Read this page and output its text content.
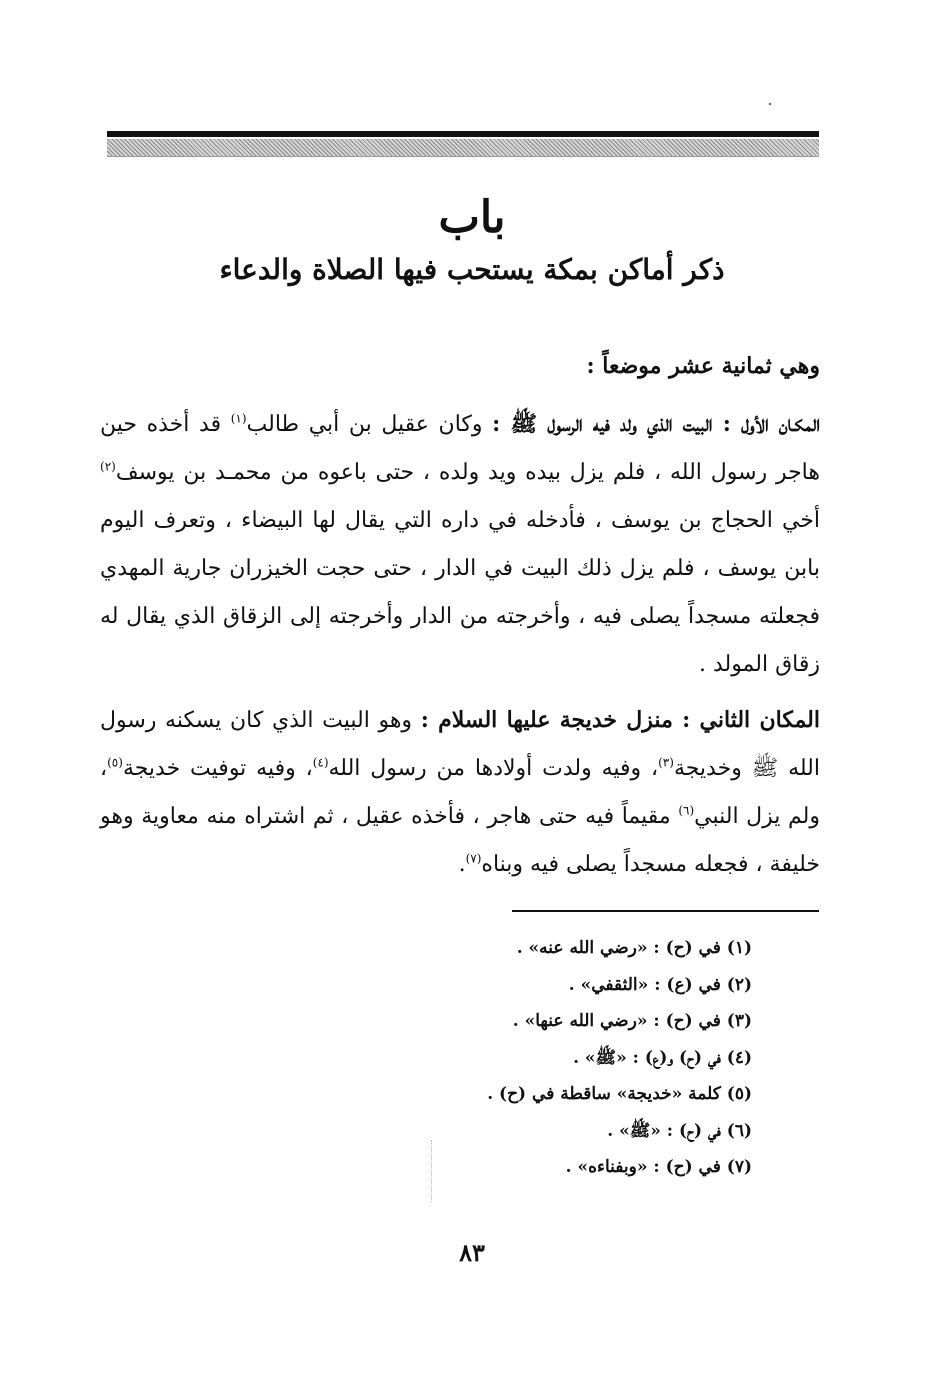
باب
ذكر أماكن بمكة يستحب فيها الصلاة والدعاء
وهي ثمانية عشر موضعاً :
المكـان الأول : البيت الذي ولد فيه الرسول ﷺ : وكان عقيل بن أبي طالب$^{(١)}$ قد أخذه حين هاجر رسول الله ، فلم يزل بيده ويد ولده ، حتى باعوه من محمـد بن يوسف$^{(٢)}$ أخي الحجاج بن يوسف ، فأدخله في داره التي يقال لها البيضاء ، وتعرف اليوم بابن يوسف ، فلم يزل ذلك البيت في الدار ، حتى حجت الخيزران جارية المهدي فجعلته مسجداً يصلى فيه ، وأخرجته من الدار وأخرجته إلى الزقاق الذي يقال له زقاق المولد .
المكان الثاني : منزل خديجة عليها السلام : وهو البيت الذي كان يسكنه رسول الله ﷺ وخديجة$^{(٣)}$، وفيه ولدت أولادها من رسول الله$^{(٤)}$، وفيه توفيت خديجة$^{(٥)}$، ولم يزل النبي$^{(٦)}$ مقيماً فيه حتى هاجر ، فأخذه عقيل ، ثم اشتراه منه معاوية وهو خليفة ، فجعله مسجداً يصلى فيه وبناه$^{(٧)}$.
(١) في (ح) : «رضي الله عنه» .
(٢) في (ع) : «الثقفي» .
(٣) في (ح) : «رضي الله عنها» .
(٤) في (ح) و(ع) : «ﷺ» .
(٥) كلمة «خديجة» ساقطة في (ح) .
(٦) في (ح) : «ﷺ» .
(٧) في (ح) : «وبفناءه» .
٨٣
